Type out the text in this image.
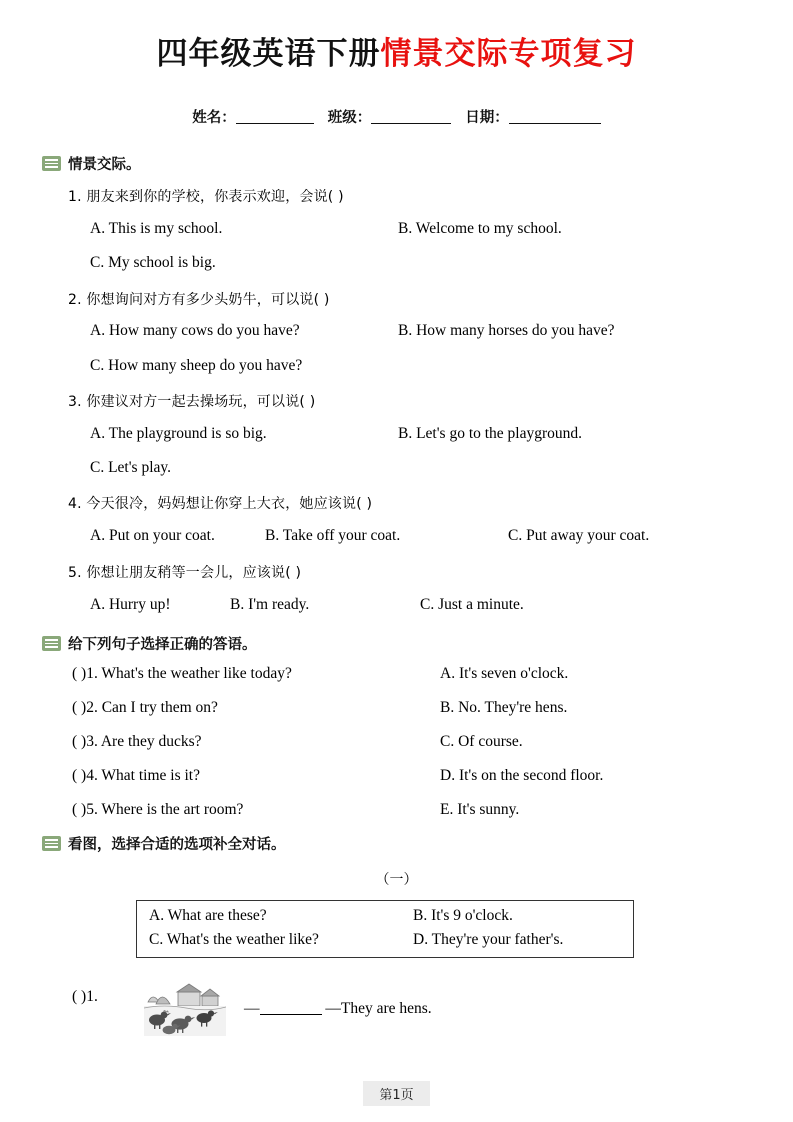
四年级英语下册情景交际专项复习
姓名：	班级：	日期：
情景交际。
1. 朋友来到你的学校，你表示欢迎，会说( )
A. This is my school.	B. Welcome to my school.
C. My school is big.
2. 你想询问对方有多少头奶牛，可以说( )
A. How many cows do you have?	B. How many horses do you have?
C. How many sheep do you have?
3. 你建议对方一起去操场玩，可以说( )
A. The playground is so big.	B. Let's go to the playground.
C. Let's play.
4. 今天很冷，妈妈想让你穿上大衣，她应该说( )
A. Put on your coat.	B. Take off your coat.	C. Put away your coat.
5. 你想让朋友稍等一会儿，应该说( )
A. Hurry up!	B. I'm ready.	C. Just a minute.
给下列句子选择正确的答语。
( )1. What's the weather like today?	A. It's seven o'clock.
( )2. Can I try them on?	B. No. They're hens.
( )3. Are they ducks?	C. Of course.
( )4. What time is it?	D. It's on the second floor.
( )5. Where is the art room?	E. It's sunny.
看图，选择合适的选项补全对话。
（一）
A. What are these?	B. It's 9 o'clock.
C. What's the weather like?	D. They're your father's.
( )1.
—	—They are hens.
第1页
